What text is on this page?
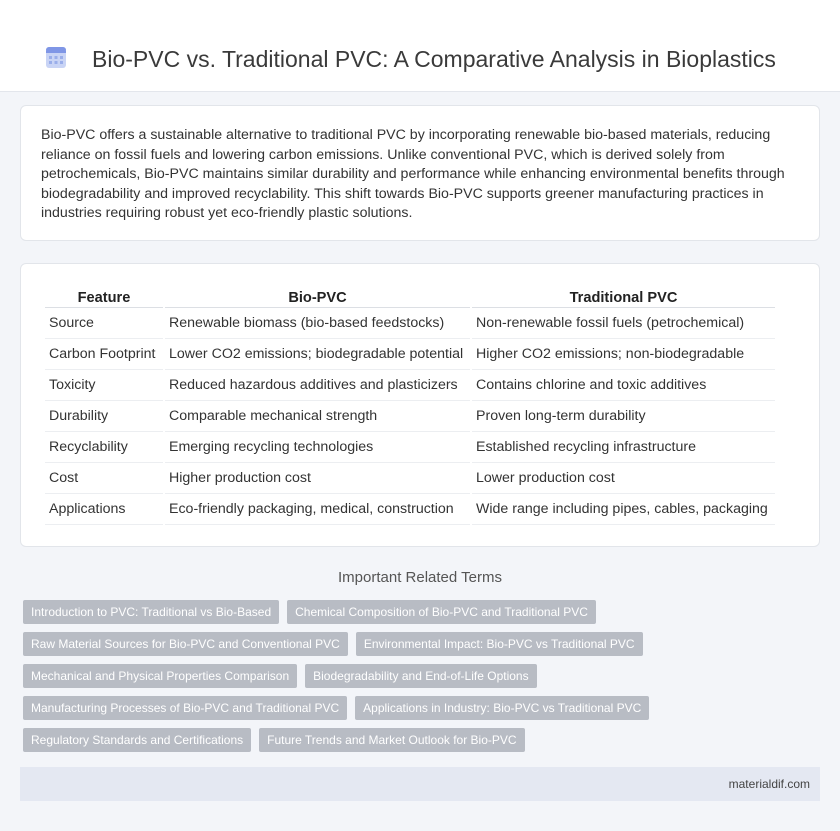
Bio-PVC vs. Traditional PVC: A Comparative Analysis in Bioplastics

Bio-PVC offers a sustainable alternative to traditional PVC by incorporating renewable bio-based materials, reducing reliance on fossil fuels and lowering carbon emissions. Unlike conventional PVC, which is derived solely from petrochemicals, Bio-PVC maintains similar durability and performance while enhancing environmental benefits through biodegradability and improved recyclability. This shift towards Bio-PVC supports greener manufacturing practices in industries requiring robust yet eco-friendly plastic solutions.

Feature	Bio-PVC	Traditional PVC
Source	Renewable biomass (bio-based feedstocks)	Non-renewable fossil fuels (petrochemical)
Carbon Footprint	Lower CO2 emissions; biodegradable potential	Higher CO2 emissions; non-biodegradable
Toxicity	Reduced hazardous additives and plasticizers	Contains chlorine and toxic additives
Durability	Comparable mechanical strength	Proven long-term durability
Recyclability	Emerging recycling technologies	Established recycling infrastructure
Cost	Higher production cost	Lower production cost
Applications	Eco-friendly packaging, medical, construction	Wide range including pipes, cables, packaging
Important Related Terms
Introduction to PVC: Traditional vs Bio-Based	Chemical Composition of Bio-PVC and Traditional PVC
Raw Material Sources for Bio-PVC and Conventional PVC	Environmental Impact: Bio-PVC vs Traditional PVC
Mechanical and Physical Properties Comparison	Biodegradability and End-of-Life Options
Manufacturing Processes of Bio-PVC and Traditional PVC	Applications in Industry: Bio-PVC vs Traditional PVC
Regulatory Standards and Certifications	Future Trends and Market Outlook for Bio-PVC
materialdif.com
